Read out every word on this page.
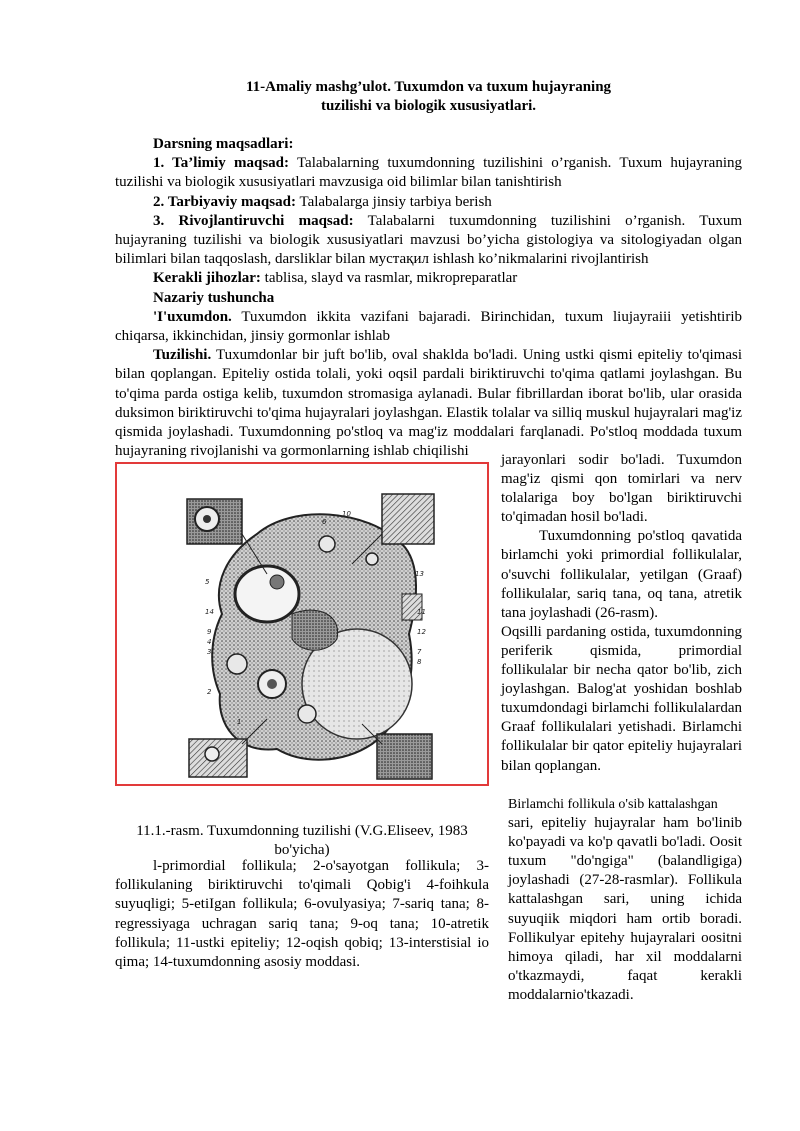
11-Amaliy mashg’ulot. Tuxumdon va tuxum hujayraning
tuzilishi va biologik xususiyatlari.

Darsning maqsadlari:

1. Ta’limiy maqsad: Talabalarning tuxumdonning tuzilishini o’rganish. Tuxum hujayraning tuzilishi va biologik xususiyatlari mavzusiga oid bilimlar bilan tanishtirish

2. Tarbiyaviy maqsad: Talabalarga jinsiy tarbiya berish

3. Rivojlantiruvchi maqsad: Talabalarni tuxumdonning tuzilishini o’rganish. Tuxum hujayraning tuzilishi va biologik xususiyatlari mavzusi bo’yicha gistologiya va sitologiyadan olgan bilimlari bilan taqqoslash, darsliklar bilan мустақил ishlash ko’nikmalarini rivojlantirish

Kerakli jihozlar: tablisa, slayd va rasmlar, mikropreparatlar

Nazariy tushuncha

'I'uxumdon. Tuxumdon ikkita vazifani bajaradi. Birinchidan, tuxum liujayraiii yetishtirib chiqarsa, ikkinchidan, jinsiy gormonlar ishlab

Tuzilishi. Tuxumdonlar bir juft bo'lib, oval shaklda bo'ladi. Uning ustki qismi epiteliy to'qimasi bilan qoplangan. Epiteliy ostida tolali, yoki oqsil pardali biriktiruvchi to'qima qatlami joylashgan. Bu to'qima parda ostiga kelib, tuxumdon stromasiga aylanadi. Bular fibrillardan iborat bo'lib, ular orasida duksimon biriktiruvchi to'qima hujayralari joylashgan. Elastik tolalar va silliq muskul hujayralari mag'iz qismida joylashadi. Tuxumdonning po'stloq va mag'iz moddalari farqlanadi. Po'stloq moddada tuxum hujayraning rivojlanishi va gormonlarning ishlab chiqilishi

1
2
3
4
5
6
7
8
9
10
11
12
13
14
11.1.-rasm. Tuxumdonning tuzilishi (V.G.Eliseev, 1983 bo'yicha)

l-primordial follikula; 2-o'sayotgan follikula; 3-follikulaning biriktiruvchi to'qimali Qobig'i 4-foihkula suyuqligi; 5-etiIgan follikula; 6-ovulyasiya; 7-sariq tana; 8-regressiyaga uchragan sariq tana; 9-oq tana; 10-atretik follikula; 11-ustki epiteliy; 12-oqish qobiq; 13-interstisial io qima; 14-tuxumdonning asosiy moddasi.

jarayonlari sodir bo'ladi. Tuxumdon mag'iz qismi qon tomirlari va nerv tolalariga boy bo'lgan biriktiruvchi to'qimadan hosil bo'ladi.

Tuxumdonning po'stloq qavatida birlamchi yoki primordial follikulalar, o'suvchi follikulalar, yetilgan (Graaf) follikulalar, sariq tana, oq tana, atretik tana joylashadi (26-rasm).

Oqsilli pardaning ostida, tuxumdonning periferik qismida, primordial follikulalar bir necha qator bo'lib, zich joylashgan. Balog'at yoshidan boshlab tuxumdondagi birlamchi follikulalardan Graaf follikulalari yetishadi. Birlamchi follikulalar bir qator epiteliy hujayralari bilan qoplangan.

Birlamchi follikula o'sib kattalashgan

sari, epiteliy hujayralar ham bo'linib ko'payadi va ko'p qavatli bo'ladi. Oosit tuxum "do'ngiga" (balandligiga) joylashadi (27-28-rasmlar). Follikula kattalashgan sari, uning ichida suyuqiik miqdori ham ortib boradi. Follikulyar epitehy hujayralari oositni himoya qiladi, har xil moddalarni o'tkazmaydi, faqat kerakli moddalarnio'tkazadi.
